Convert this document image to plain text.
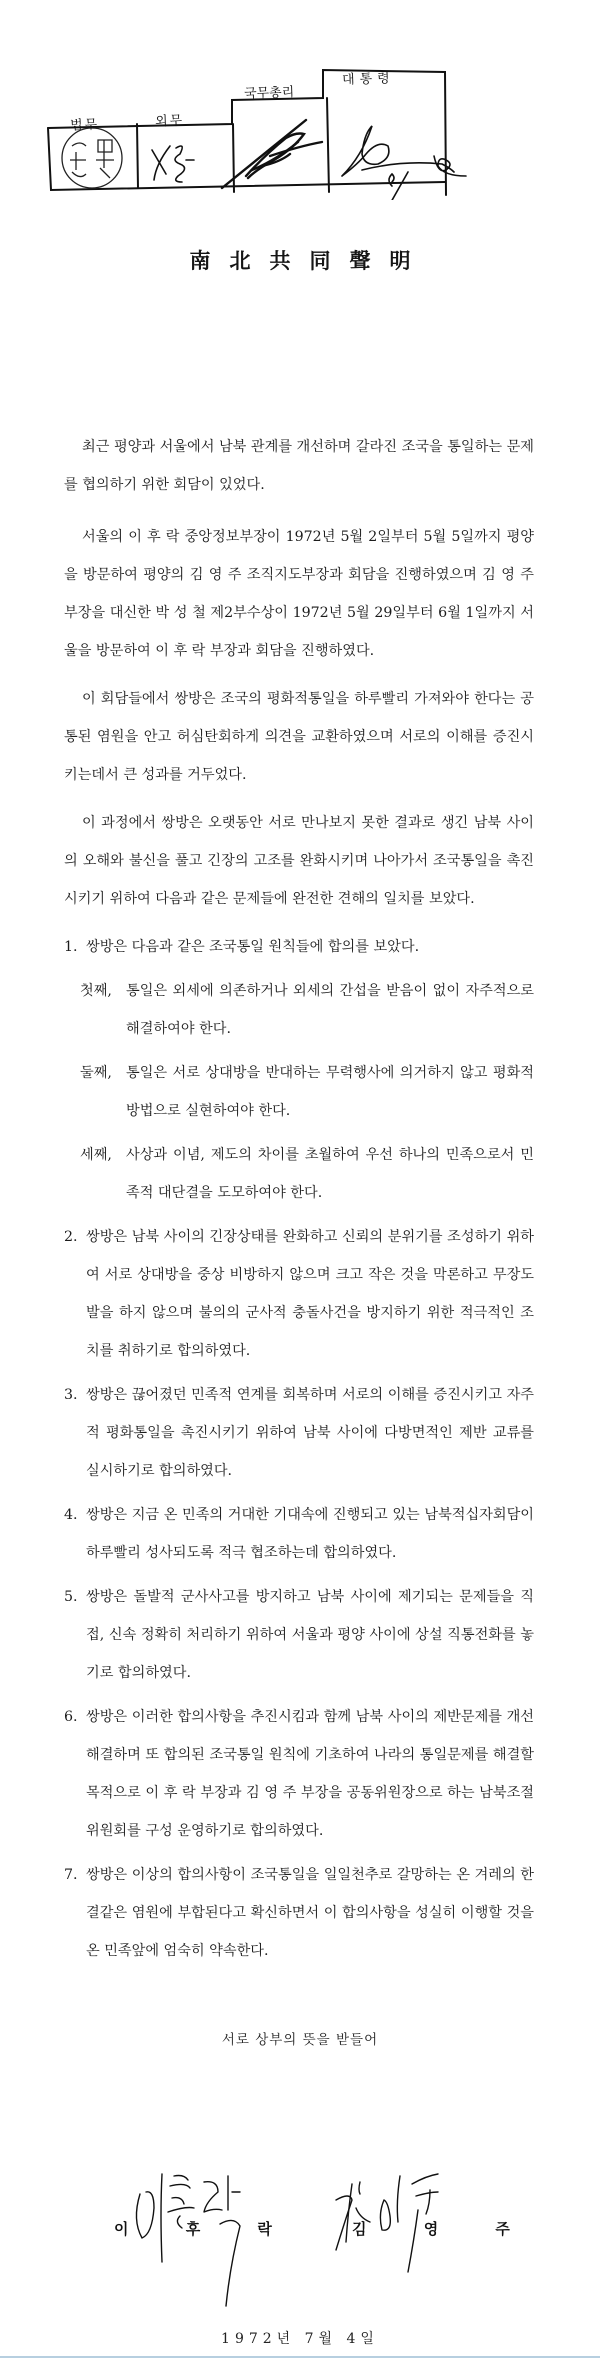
법무	외무
국무총리
대통령
南北共同聲明

최근 평양과 서울에서 남북 관계를 개선하며 갈라진 조국을 통일하는 문제를 협의하기 위한 회담이 있었다.

서울의 이 후 락 중앙정보부장이 1972년 5월 2일부터 5월 5일까지 평양을 방문하여 평양의 김 영 주 조직지도부장과 회담을 진행하였으며 김 영 주 부장을 대신한 박 성 철 제2부수상이 1972년 5월 29일부터 6월 1일까지 서울을 방문하여 이 후 락 부장과 회담을 진행하였다.

이 회담들에서 쌍방은 조국의 평화적통일을 하루빨리 가져와야 한다는 공통된 염원을 안고 허심탄회하게 의견을 교환하였으며 서로의 이해를 증진시키는데서 큰 성과를 거두었다.

이 과정에서 쌍방은 오랫동안 서로 만나보지 못한 결과로 생긴 남북 사이의 오해와 불신을 풀고 긴장의 고조를 완화시키며 나아가서 조국통일을 촉진시키기 위하여 다음과 같은 문제들에 완전한 견해의 일치를 보았다.

1. 쌍방은 다음과 같은 조국통일 원칙들에 합의를 보았다.
첫째, 통일은 외세에 의존하거나 외세의 간섭을 받음이 없이 자주적으로 해결하여야 한다.
둘째, 통일은 서로 상대방을 반대하는 무력행사에 의거하지 않고 평화적 방법으로 실현하여야 한다.
세째, 사상과 이념, 제도의 차이를 초월하여 우선 하나의 민족으로서 민족적 대단결을 도모하여야 한다.
2. 쌍방은 남북 사이의 긴장상태를 완화하고 신뢰의 분위기를 조성하기 위하여 서로 상대방을 중상 비방하지 않으며 크고 작은 것을 막론하고 무장도발을 하지 않으며 불의의 군사적 충돌사건을 방지하기 위한 적극적인 조치를 취하기로 합의하였다.
3. 쌍방은 끊어졌던 민족적 연계를 회복하며 서로의 이해를 증진시키고 자주적 평화통일을 촉진시키기 위하여 남북 사이에 다방면적인 제반 교류를 실시하기로 합의하였다.
4. 쌍방은 지금 온 민족의 거대한 기대속에 진행되고 있는 남북적십자회담이 하루빨리 성사되도록 적극 협조하는데 합의하였다.
5. 쌍방은 돌발적 군사사고를 방지하고 남북 사이에 제기되는 문제들을 직접, 신속 정확히 처리하기 위하여 서울과 평양 사이에 상설 직통전화를 놓기로 합의하였다.
6. 쌍방은 이러한 합의사항을 추진시킴과 함께 남북 사이의 제반문제를 개선 해결하며 또 합의된 조국통일 원칙에 기초하여 나라의 통일문제를 해결할 목적으로 이 후 락 부장과 김 영 주 부장을 공동위원장으로 하는 남북조절위원회를 구성 운영하기로 합의하였다.
7. 쌍방은 이상의 합의사항이 조국통일을 일일천추로 갈망하는 온 겨레의 한결같은 염원에 부합된다고 확신하면서 이 합의사항을 성실히 이행할 것을 온 민족앞에 엄숙히 약속한다.
서로 상부의 뜻을 받들어
이 후 락	김 영 주
1972년 7월 4일
